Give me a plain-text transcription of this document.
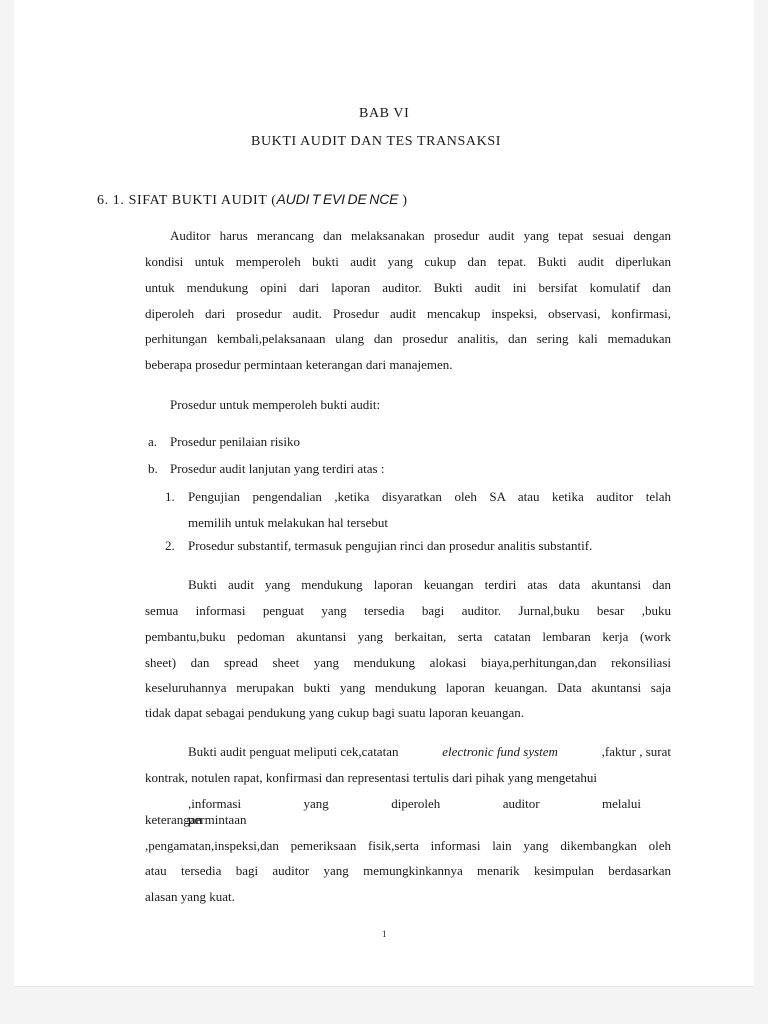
BAB VI
BUKTI AUDIT DAN TES TRANSAKSI
6. 1. SIFAT BUKTI AUDIT (AUDI T EVI DE NCE )
Auditor harus merancang dan melaksanakan prosedur audit yang tepat sesuai dengan
kondisi untuk memperoleh bukti audit yang cukup dan tepat. Bukti audit diperlukan
untuk mendukung opini dari laporan auditor. Bukti audit ini bersifat komulatif dan
diperoleh dari prosedur audit. Prosedur audit mencakup inspeksi, observasi, konfirmasi,
perhitungan kembali,pelaksanaan ulang dan prosedur analitis, dan sering kali memadukan
beberapa prosedur permintaan keterangan dari manajemen.
Prosedur untuk memperoleh bukti audit:
a. Prosedur penilaian risiko
b. Prosedur audit lanjutan yang terdiri atas :
1. Pengujian pengendalian ,ketika disyaratkan oleh SA atau ketika auditor telah
memilih untuk melakukan hal tersebut
2. Prosedur substantif, termasuk pengujian rinci dan prosedur analitis substantif.
Bukti audit yang mendukung laporan keuangan terdiri atas data akuntansi dan
semua informasi penguat yang tersedia bagi auditor. Jurnal,buku besar ,buku
pembantu,buku pedoman akuntansi yang berkaitan, serta catatan lembaran kerja (work
sheet) dan spread sheet yang mendukung alokasi biaya,perhitungan,dan rekonsiliasi
keseluruhannya merupakan bukti yang mendukung laporan keuangan. Data akuntansi saja
tidak dapat sebagai pendukung yang cukup bagi suatu laporan keuangan.
Bukti audit penguat meliputi cek,catatan	electronic fund system	,faktur , surat
kontrak, notulen rapat, konfirmasi dan representasi tertulis dari pihak yang mengetahui
,informasi yang diperoleh auditor melalui permintaan
keterangan
,pengamatan,inspeksi,dan pemeriksaan fisik,serta informasi lain yang dikembangkan oleh
atau tersedia bagi auditor yang memungkinkannya menarik kesimpulan berdasarkan
alasan yang kuat.
1
